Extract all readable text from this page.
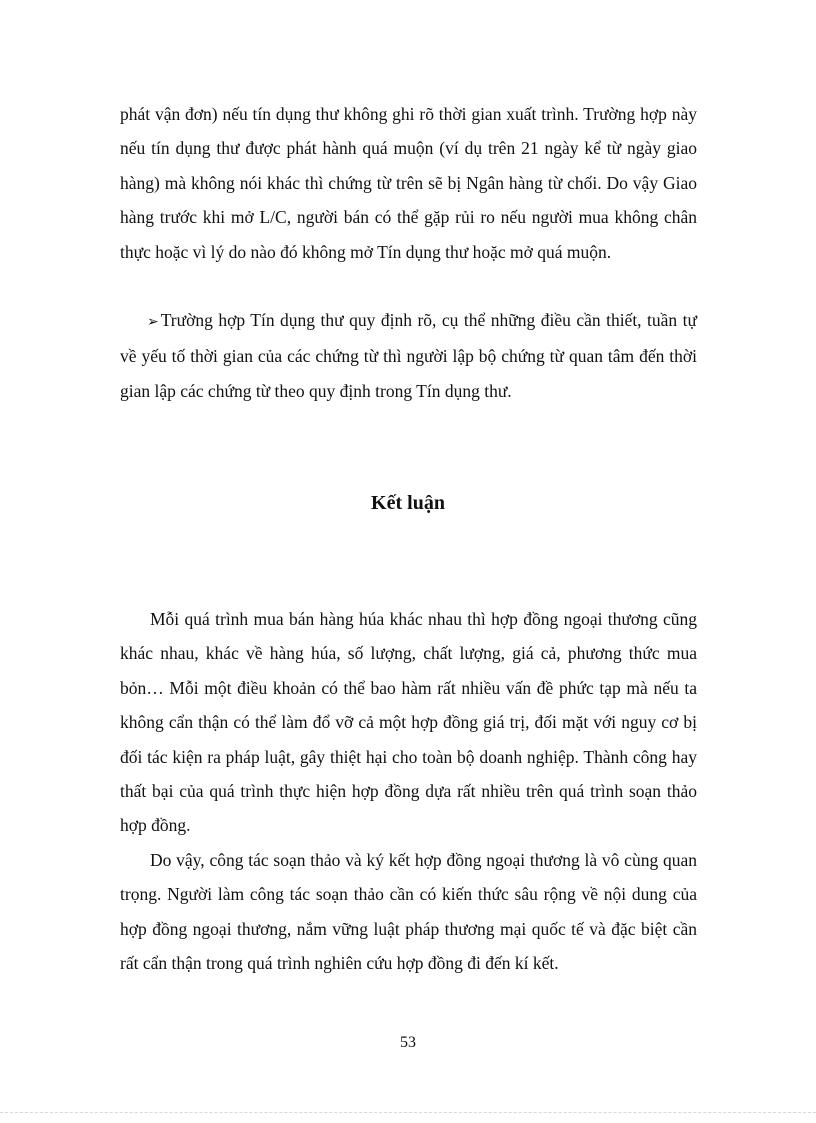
phát vận đơn) nếu tín dụng thư không ghi rõ thời gian xuất trình. Trường hợp này nếu tín dụng thư được phát hành quá muộn (ví dụ trên 21 ngày kể từ ngày giao hàng) mà không nói khác thì chứng từ trên sẽ bị Ngân hàng từ chối. Do vậy Giao hàng trước khi mở L/C, người bán có thể gặp rủi ro nếu người mua không chân thực hoặc vì lý do nào đó không mở Tín dụng thư hoặc mở quá muộn.

➢ Trường hợp Tín dụng thư quy định rõ, cụ thể những điều cần thiết, tuần tự về yếu tố thời gian của các chứng từ thì người lập bộ chứng từ quan tâm đến thời gian lập các chứng từ theo quy định trong Tín dụng thư.

Kết luận

Mỗi quá trình mua bán hàng húa khác nhau thì hợp đồng ngoại thương cũng khác nhau, khác về hàng húa, số lượng, chất lượng, giá cả, phương thức mua bỏn… Mỗi một điều khoản có thể bao hàm rất nhiều vấn đề phức tạp mà nếu ta không cẩn thận có thể làm đổ vỡ cả một hợp đồng giá trị, đối mặt với nguy cơ bị đối tác kiện ra pháp luật, gây thiệt hại cho toàn bộ doanh nghiệp. Thành công hay thất bại của quá trình thực hiện hợp đồng dựa rất nhiều trên quá trình soạn thảo hợp đồng.

Do vậy, công tác soạn thảo và ký kết hợp đồng ngoại thương là vô cùng quan trọng. Người làm công tác soạn thảo cần có kiến thức sâu rộng về nội dung của hợp đồng ngoại thương, nắm vững luật pháp thương mại quốc tế và đặc biệt cần rất cẩn thận trong quá trình nghiên cứu hợp đồng đi đến kí kết.

53
